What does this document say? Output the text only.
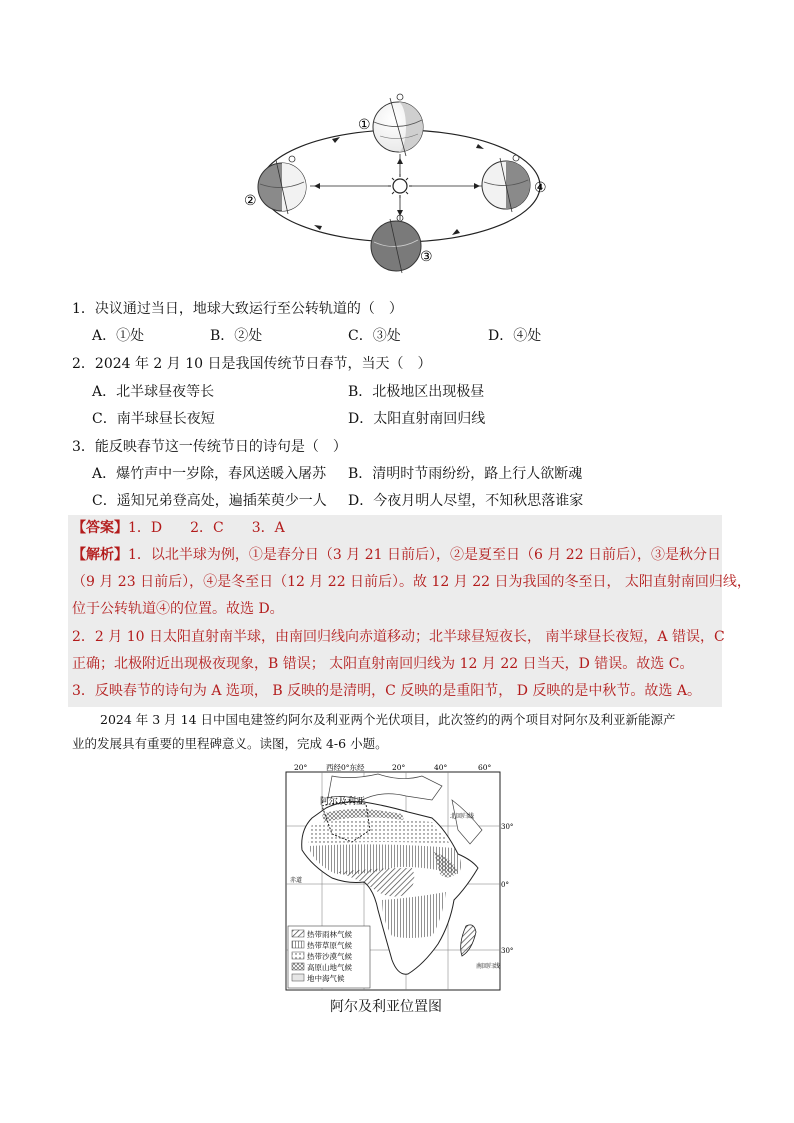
①
②
③
④
1．决议通过当日，地球大致运行至公转轨道的（　）
A．①处	B．②处	C．③处	D．④处
2．2024 年 2 月 10 日是我国传统节日春节，当天（　）
A．北半球昼夜等长	B．北极地区出现极昼
C．南半球昼长夜短	D．太阳直射南回归线
3．能反映春节这一传统节日的诗句是（　）
A．爆竹声中一岁除，春风送暖入屠苏 B．清明时节雨纷纷，路上行人欲断魂
C．遥知兄弟登高处，遍插茱萸少一人 D．今夜月明人尽望，不知秋思落谁家
【答案】1．D　　2．C　　3．A
【解析】1．以北半球为例，①是春分日（3 月 21 日前后），②是夏至日（6 月 22 日前后），③是秋分日
（9 月 23 日前后），④是冬至日（12 月 22 日前后）。故 12 月 22 日为我国的冬至日， 太阳直射南回归线，
位于公转轨道④的位置。故选 D。
2．2 月 10 日太阳直射南半球，由南回归线向赤道移动；北半球昼短夜长， 南半球昼长夜短，A 错误，C
正确；北极附近出现极夜现象，B 错误； 太阳直射南回归线为 12 月 22 日当天，D 错误。故选 C。
3．反映春节的诗句为 A 选项， B 反映的是清明，C 反映的是重阳节， D 反映的是中秋节。故选 A。
2024 年 3 月 14 日中国电建签约阿尔及利亚两个光伏项目，此次签约的两个项目对阿尔及利亚新能源产
业的发展具有重要的里程碑意义。读图，完成 4-6 小题。
20° 西经0°东经	20°	40°	60°
30°
0°
30°
北回归线
赤道
南回归线
阿尔及利亚
热带雨林气候
热带草原气候
热带沙漠气候
高原山地气候
地中海气候
阿尔及利亚位置图
